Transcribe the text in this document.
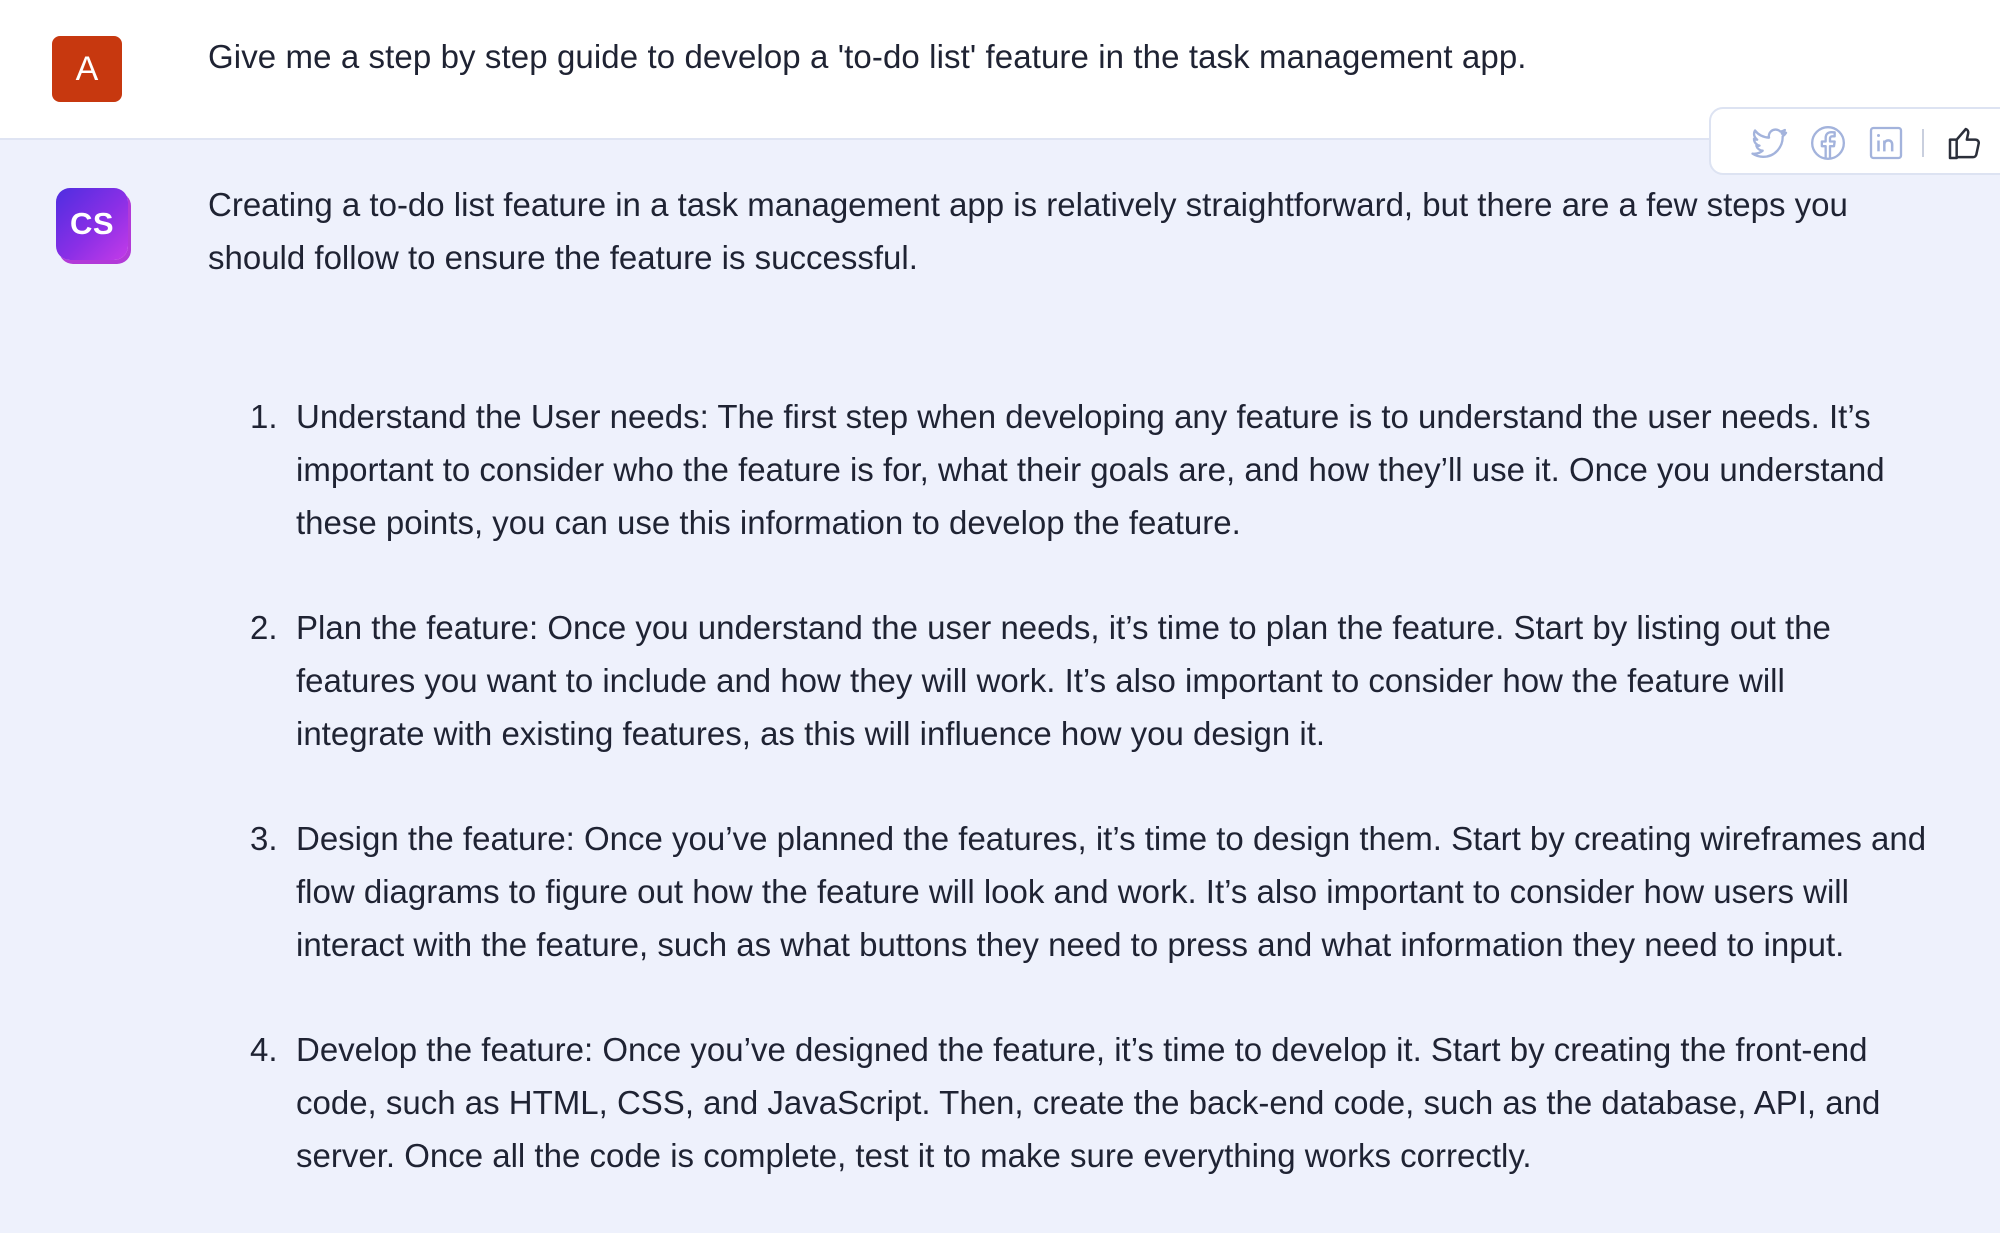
A	Give me a step by step guide to develop a 'to-do list' feature in the task management app.
CS
Creating a to-do list feature in a task management app is relatively straightforward, but there are a few steps you
should follow to ensure the feature is successful.
1. Understand the User needs: The first step when developing any feature is to understand the user needs. It’s
important to consider who the feature is for, what their goals are, and how they’ll use it. Once you understand
these points, you can use this information to develop the feature.
2. Plan the feature: Once you understand the user needs, it’s time to plan the feature. Start by listing out the
features you want to include and how they will work. It’s also important to consider how the feature will
integrate with existing features, as this will influence how you design it.
3. Design the feature: Once you’ve planned the features, it’s time to design them. Start by creating wireframes and
flow diagrams to figure out how the feature will look and work. It’s also important to consider how users will
interact with the feature, such as what buttons they need to press and what information they need to input.
4. Develop the feature: Once you’ve designed the feature, it’s time to develop it. Start by creating the front-end
code, such as HTML, CSS, and JavaScript. Then, create the back-end code, such as the database, API, and
server. Once all the code is complete, test it to make sure everything works correctly.
